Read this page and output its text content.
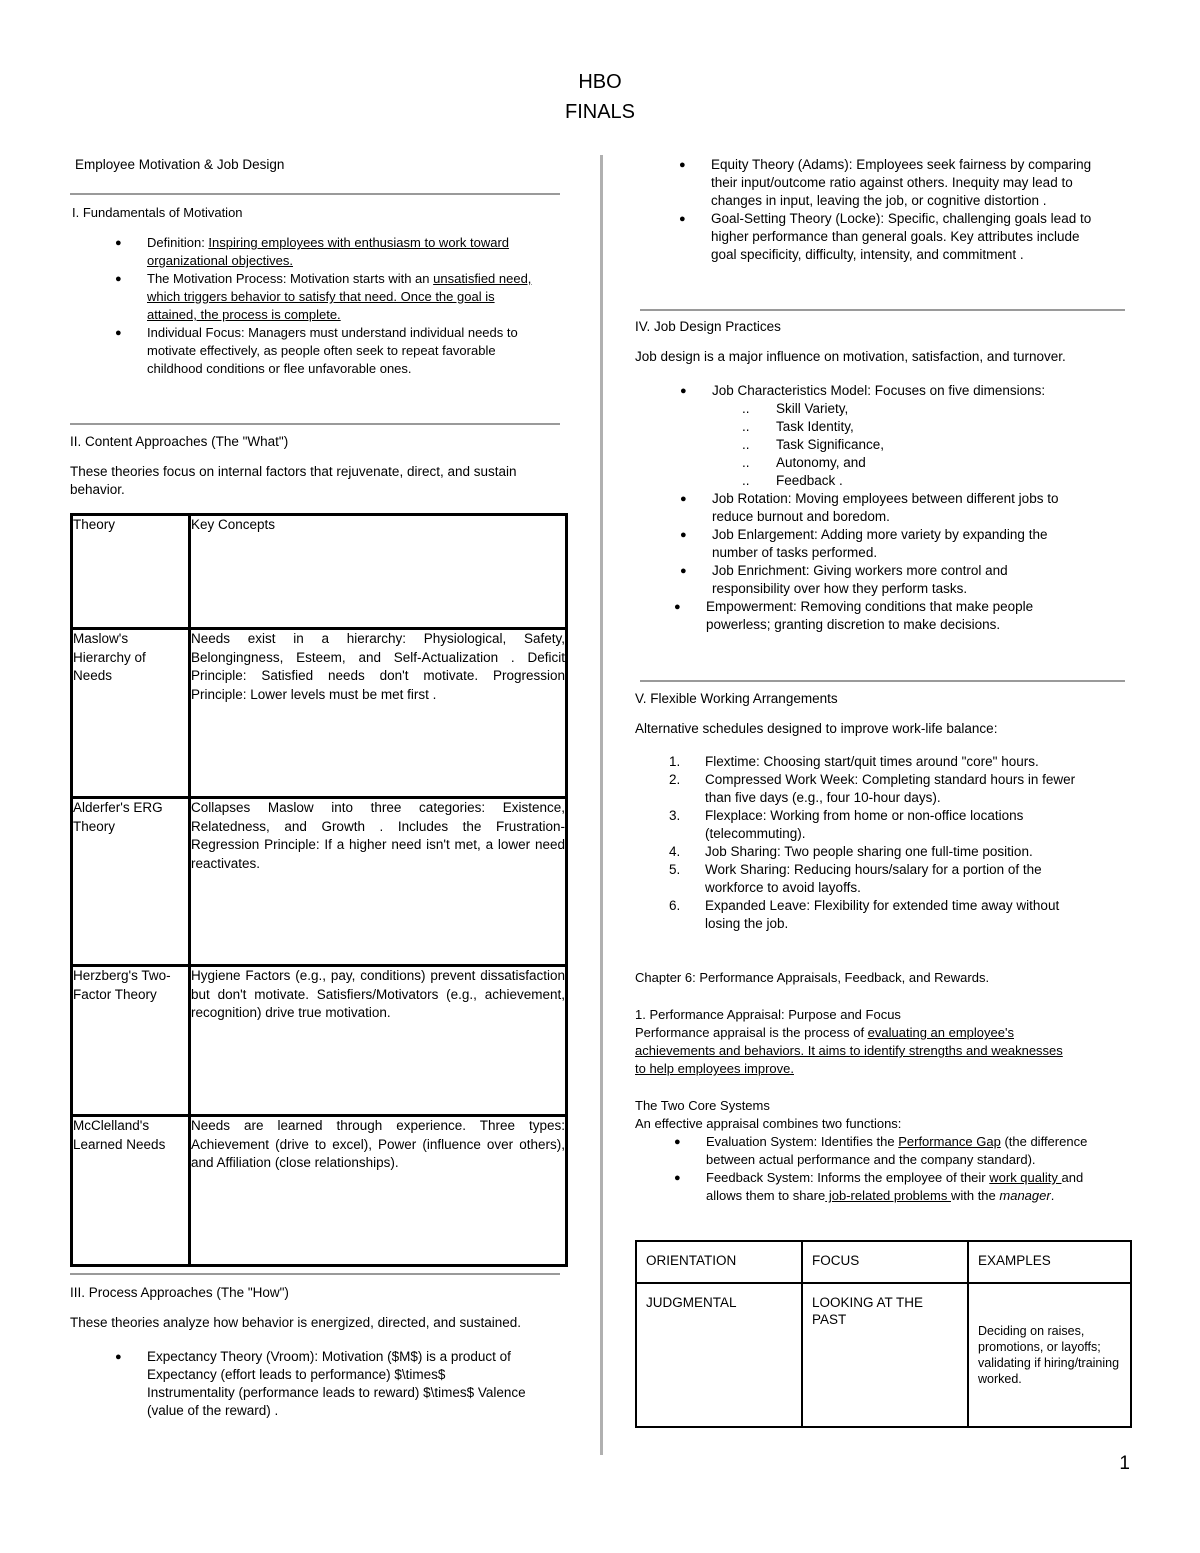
HBO
FINALS

Employee Motivation & Job Design

I. Fundamentals of Motivation

● Definition: Inspiring employees with enthusiasm to work toward
organizational objectives.
● The Motivation Process: Motivation starts with an unsatisfied need,
which triggers behavior to satisfy that need. Once the goal is
attained, the process is complete.
● Individual Focus: Managers must understand individual needs to
motivate effectively, as people often seek to repeat favorable
childhood conditions or flee unfavorable ones.

II. Content Approaches (The "What")

These theories focus on internal factors that rejuvenate, direct, and sustain behavior.

Theory	Key Concepts
Maslow's Hierarchy of Needs	Needs exist in a hierarchy: Physiological, Safety, Belongingness, Esteem, and Self-Actualization . Deficit Principle: Satisfied needs don't motivate. Progression Principle: Lower levels must be met first .
Alderfer's ERG Theory	Collapses Maslow into three categories: Existence, Relatedness, and Growth . Includes the Frustration-Regression Principle: If a higher need isn't met, a lower need reactivates.
Herzberg's Two-Factor Theory	Hygiene Factors (e.g., pay, conditions) prevent dissatisfaction but don't motivate. Satisfiers/Motivators (e.g., achievement, recognition) drive true motivation.
McClelland's Learned Needs	Needs are learned through experience. Three types: Achievement (drive to excel), Power (influence over others), and Affiliation (close relationships).

III. Process Approaches (The "How")

These theories analyze how behavior is energized, directed, and sustained.

● Expectancy Theory (Vroom): Motivation ($M$) is a product of
Expectancy (effort leads to performance) $\times$
Instrumentality (performance leads to reward) $\times$ Valence
(value of the reward) .
● Equity Theory (Adams): Employees seek fairness by comparing
their input/outcome ratio against others. Inequity may lead to
changes in input, leaving the job, or cognitive distortion .
● Goal-Setting Theory (Locke): Specific, challenging goals lead to
higher performance than general goals. Key attributes include
goal specificity, difficulty, intensity, and commitment .

IV. Job Design Practices

Job design is a major influence on motivation, satisfaction, and turnover.

● Job Characteristics Model: Focuses on five dimensions:
.. Skill Variety,
.. Task Identity,
.. Task Significance,
.. Autonomy, and
.. Feedback .
● Job Rotation: Moving employees between different jobs to
reduce burnout and boredom.
● Job Enlargement: Adding more variety by expanding the
number of tasks performed.
● Job Enrichment: Giving workers more control and
responsibility over how they perform tasks.
● Empowerment: Removing conditions that make people
powerless; granting discretion to make decisions.

V. Flexible Working Arrangements

Alternative schedules designed to improve work-life balance:

1. Flextime: Choosing start/quit times around "core" hours.
2. Compressed Work Week: Completing standard hours in fewer
than five days (e.g., four 10-hour days).
3. Flexplace: Working from home or non-office locations
(telecommuting).
4. Job Sharing: Two people sharing one full-time position.
5. Work Sharing: Reducing hours/salary for a portion of the
workforce to avoid layoffs.
6. Expanded Leave: Flexibility for extended time away without
losing the job.

Chapter 6: Performance Appraisals, Feedback, and Rewards.

1. Performance Appraisal: Purpose and Focus

Performance appraisal is the process of evaluating an employee's
achievements and behaviors. It aims to identify strengths and weaknesses
to help employees improve.

The Two Core Systems

An effective appraisal combines two functions:

● Evaluation System: Identifies the Performance Gap (the difference
between actual performance and the company standard).
● Feedback System: Informs the employee of their work quality and
allows them to share job-related problems with the manager.
ORIENTATION	FOCUS	EXAMPLES
JUDGMENTAL	LOOKING AT THE PAST	Deciding on raises, promotions, or layoffs; validating if hiring/training worked.
1
